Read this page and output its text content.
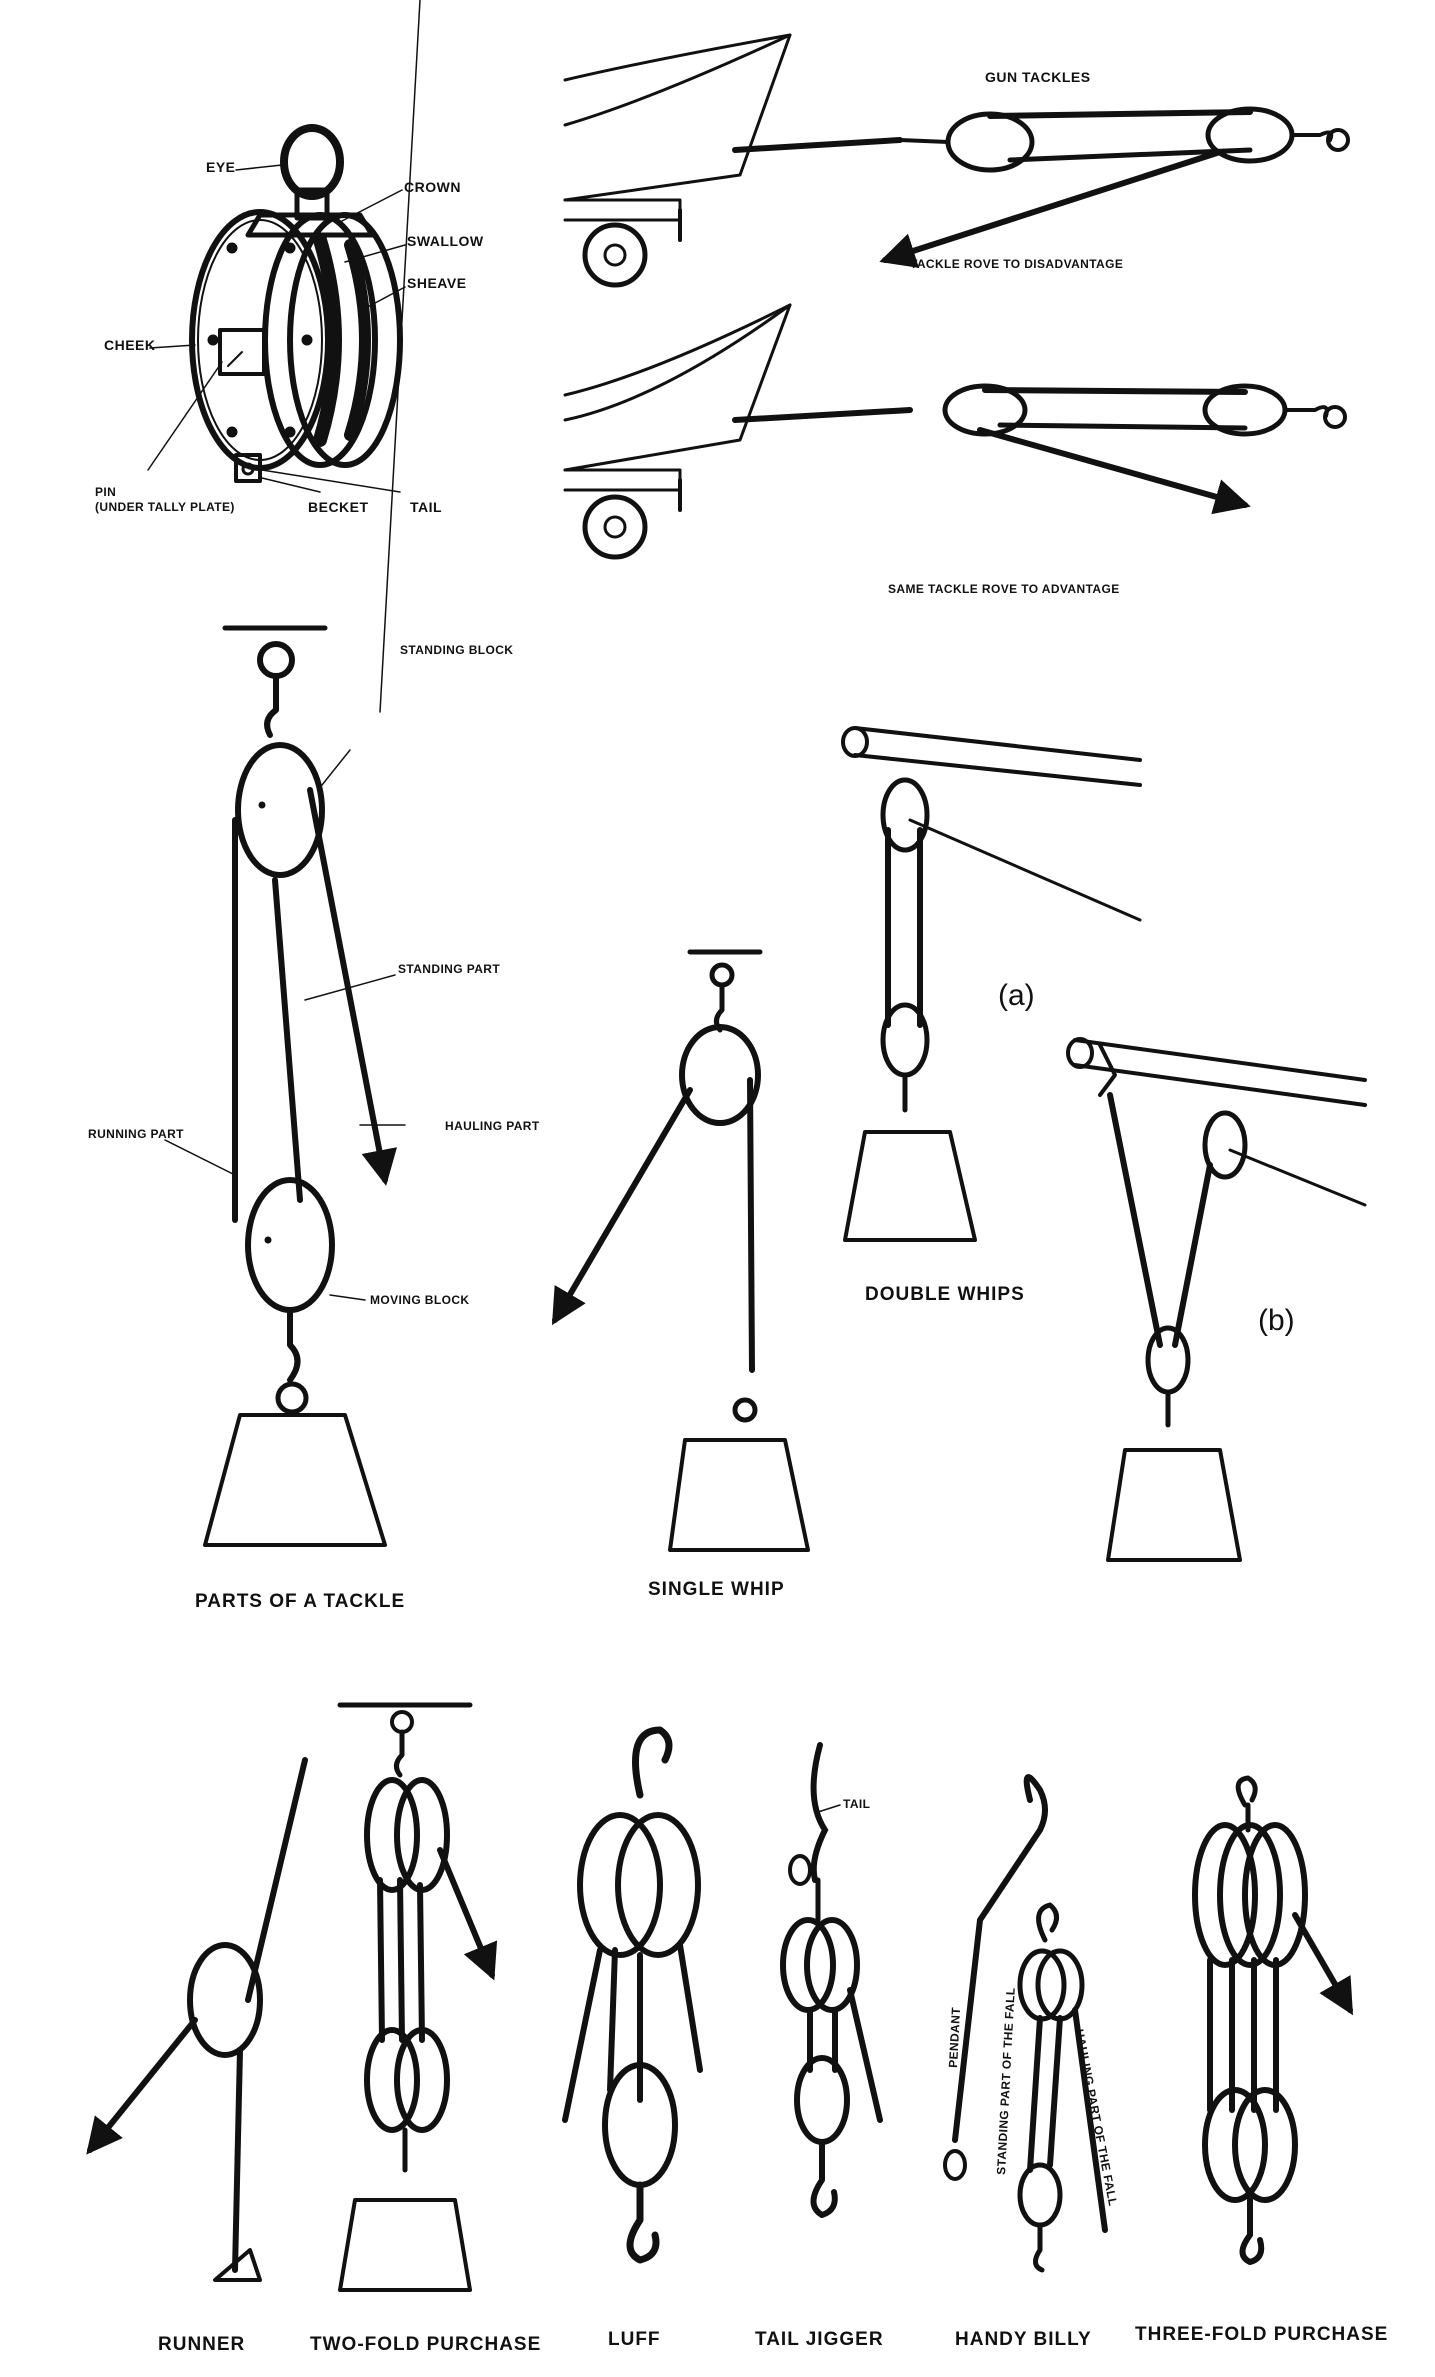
EYE
CROWN
SWALLOW
SHEAVE
CHEEK
PIN
(UNDER TALLY PLATE)	BECKET	TAIL
GUN TACKLES
TACKLE ROVE TO DISADVANTAGE
SAME TACKLE ROVE TO ADVANTAGE
STANDING BLOCK
STANDING PART
HAULING PART
RUNNING PART
MOVING BLOCK
PARTS OF A TACKLE
SINGLE WHIP
(a)
(b)
DOUBLE WHIPS
RUNNER	TWO-FOLD PURCHASE	LUFF
TAIL
TAIL JIGGER
PENDANT	STANDING PART OF THE FALL	HAULING PART OF THE FALL
HANDY BILLY THREE-FOLD PURCHASE
